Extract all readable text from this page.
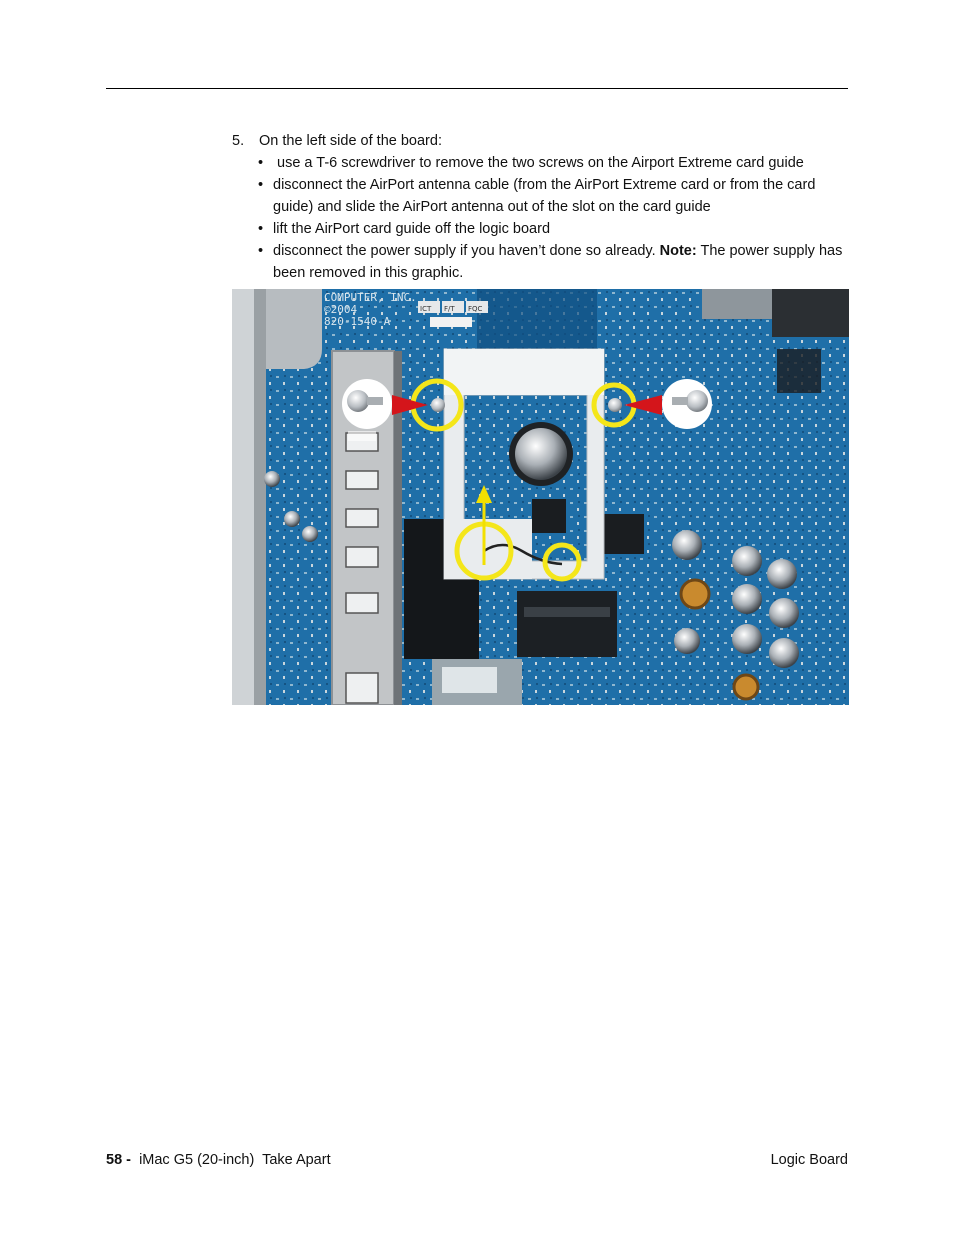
5.	On the left side of the board:
•  use a T-6 screwdriver to remove the two screws on the Airport Extreme card guide
• disconnect the AirPort antenna cable (from the AirPort Extreme card or from the card guide) and slide the AirPort antenna out of the slot on the card guide
• lift the AirPort card guide off the logic board
• disconnect the power supply if you haven’t done so already. Note: The power supply has been removed in this graphic.
COMPUTER, INC.
©2004
820-1540-A
ICT F/T FQC
58 - iMac G5 (20-inch)  Take Apart	Logic Board
